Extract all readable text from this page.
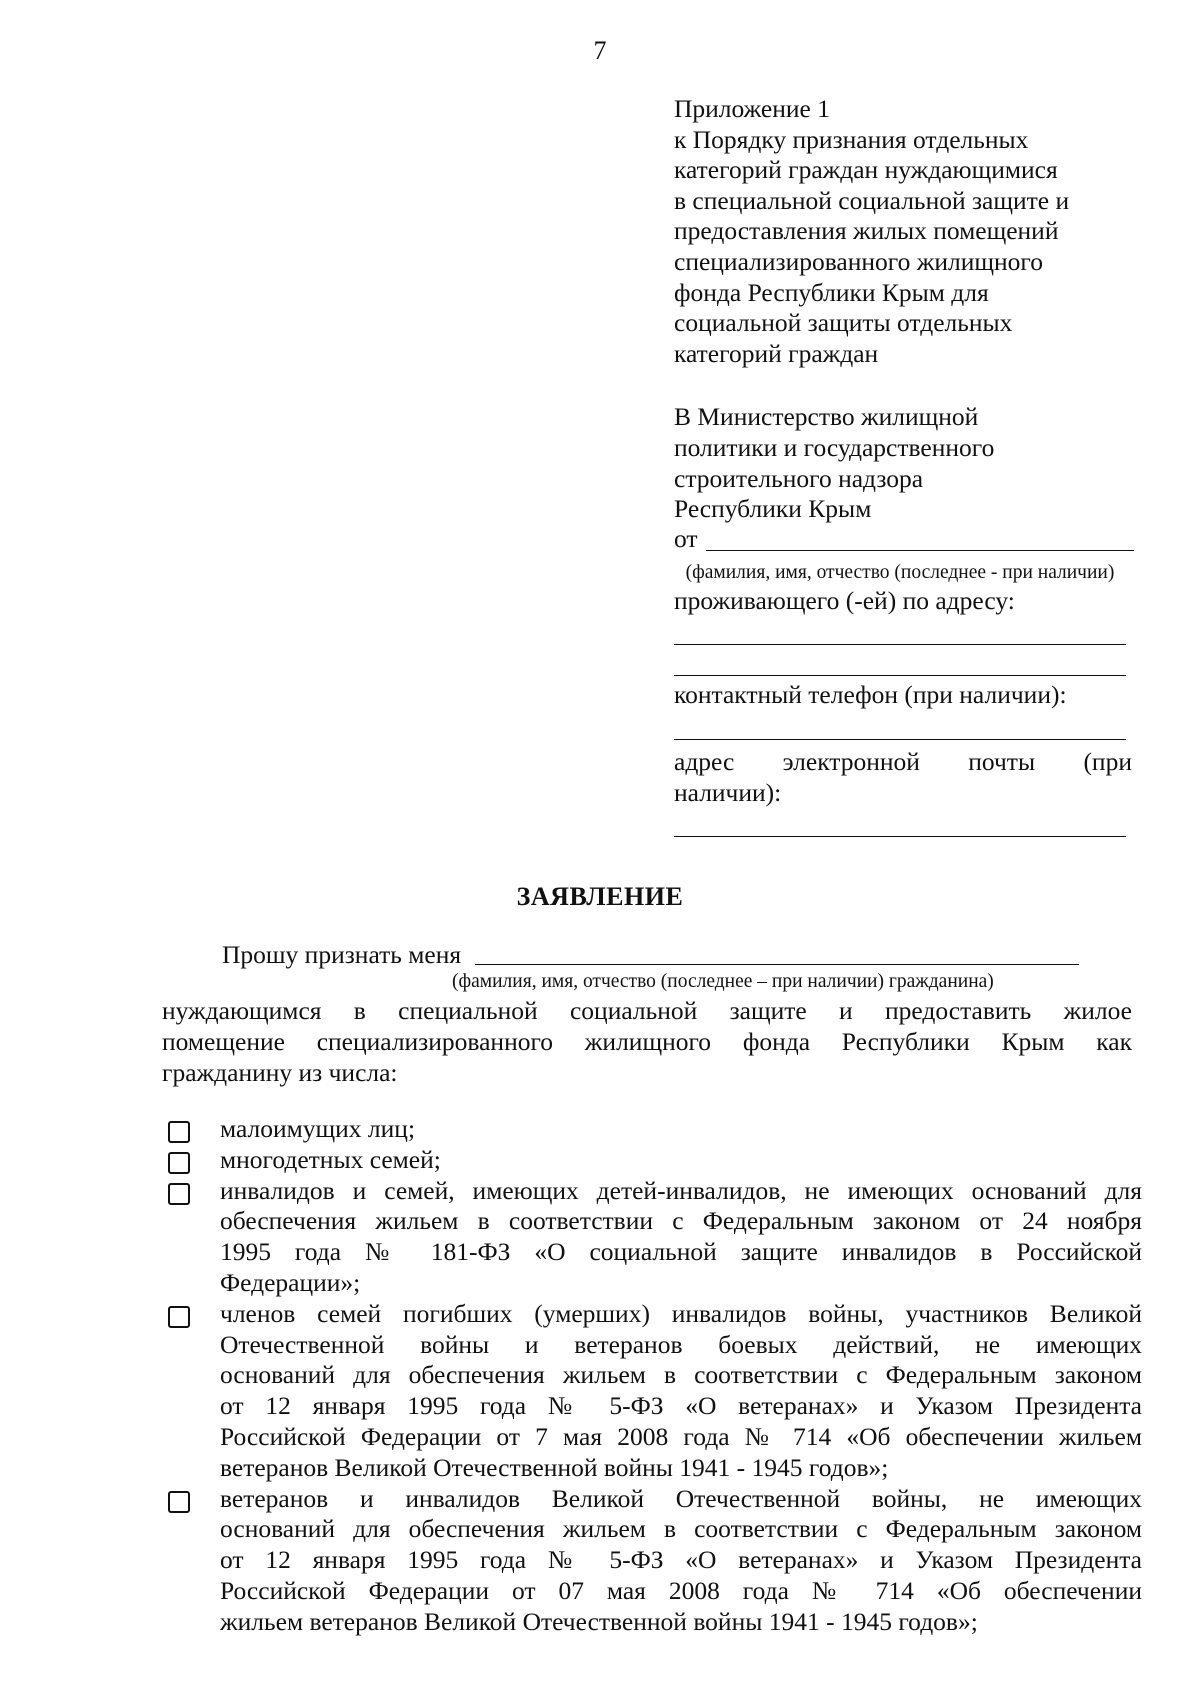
7
Приложение 1
к Порядку признания отдельных
категорий граждан нуждающимися
в специальной социальной защите и
предоставления жилых помещений
специализированного жилищного
фонда Республики Крым для
социальной защиты отдельных
категорий граждан
В Министерство жилищной
политики и государственного
строительного надзора
Республики Крым
от
(фамилия, имя, отчество (последнее - при наличии)
проживающего (-ей) по адресу:
контактный телефон (при наличии):
адрес электронной почты (при
наличии):
ЗАЯВЛЕНИЕ
Прошу признать меня
(фамилия, имя, отчество (последнее – при наличии) гражданина)
нуждающимся в специальной социальной защите и предоставить жилое
помещение специализированного жилищного фонда Республики Крым как
гражданину из числа:
малоимущих лиц;
многодетных семей;
инвалидов и семей, имеющих детей-инвалидов, не имеющих оснований для
обеспечения жильем в соответствии с Федеральным законом от 24 ноября
1995 года № 181-ФЗ «О социальной защите инвалидов в Российской
Федерации»;
членов семей погибших (умерших) инвалидов войны, участников Великой
Отечественной войны и ветеранов боевых действий, не имеющих
оснований для обеспечения жильем в соответствии с Федеральным законом
от 12 января 1995 года № 5-ФЗ «О ветеранах» и Указом Президента
Российской Федерации от 7 мая 2008 года № 714 «Об обеспечении жильем
ветеранов Великой Отечественной войны 1941 - 1945 годов»;
ветеранов и инвалидов Великой Отечественной войны, не имеющих
оснований для обеспечения жильем в соответствии с Федеральным законом
от 12 января 1995 года № 5-ФЗ «О ветеранах» и Указом Президента
Российской Федерации от 07 мая 2008 года № 714 «Об обеспечении
жильем ветеранов Великой Отечественной войны 1941 - 1945 годов»;
